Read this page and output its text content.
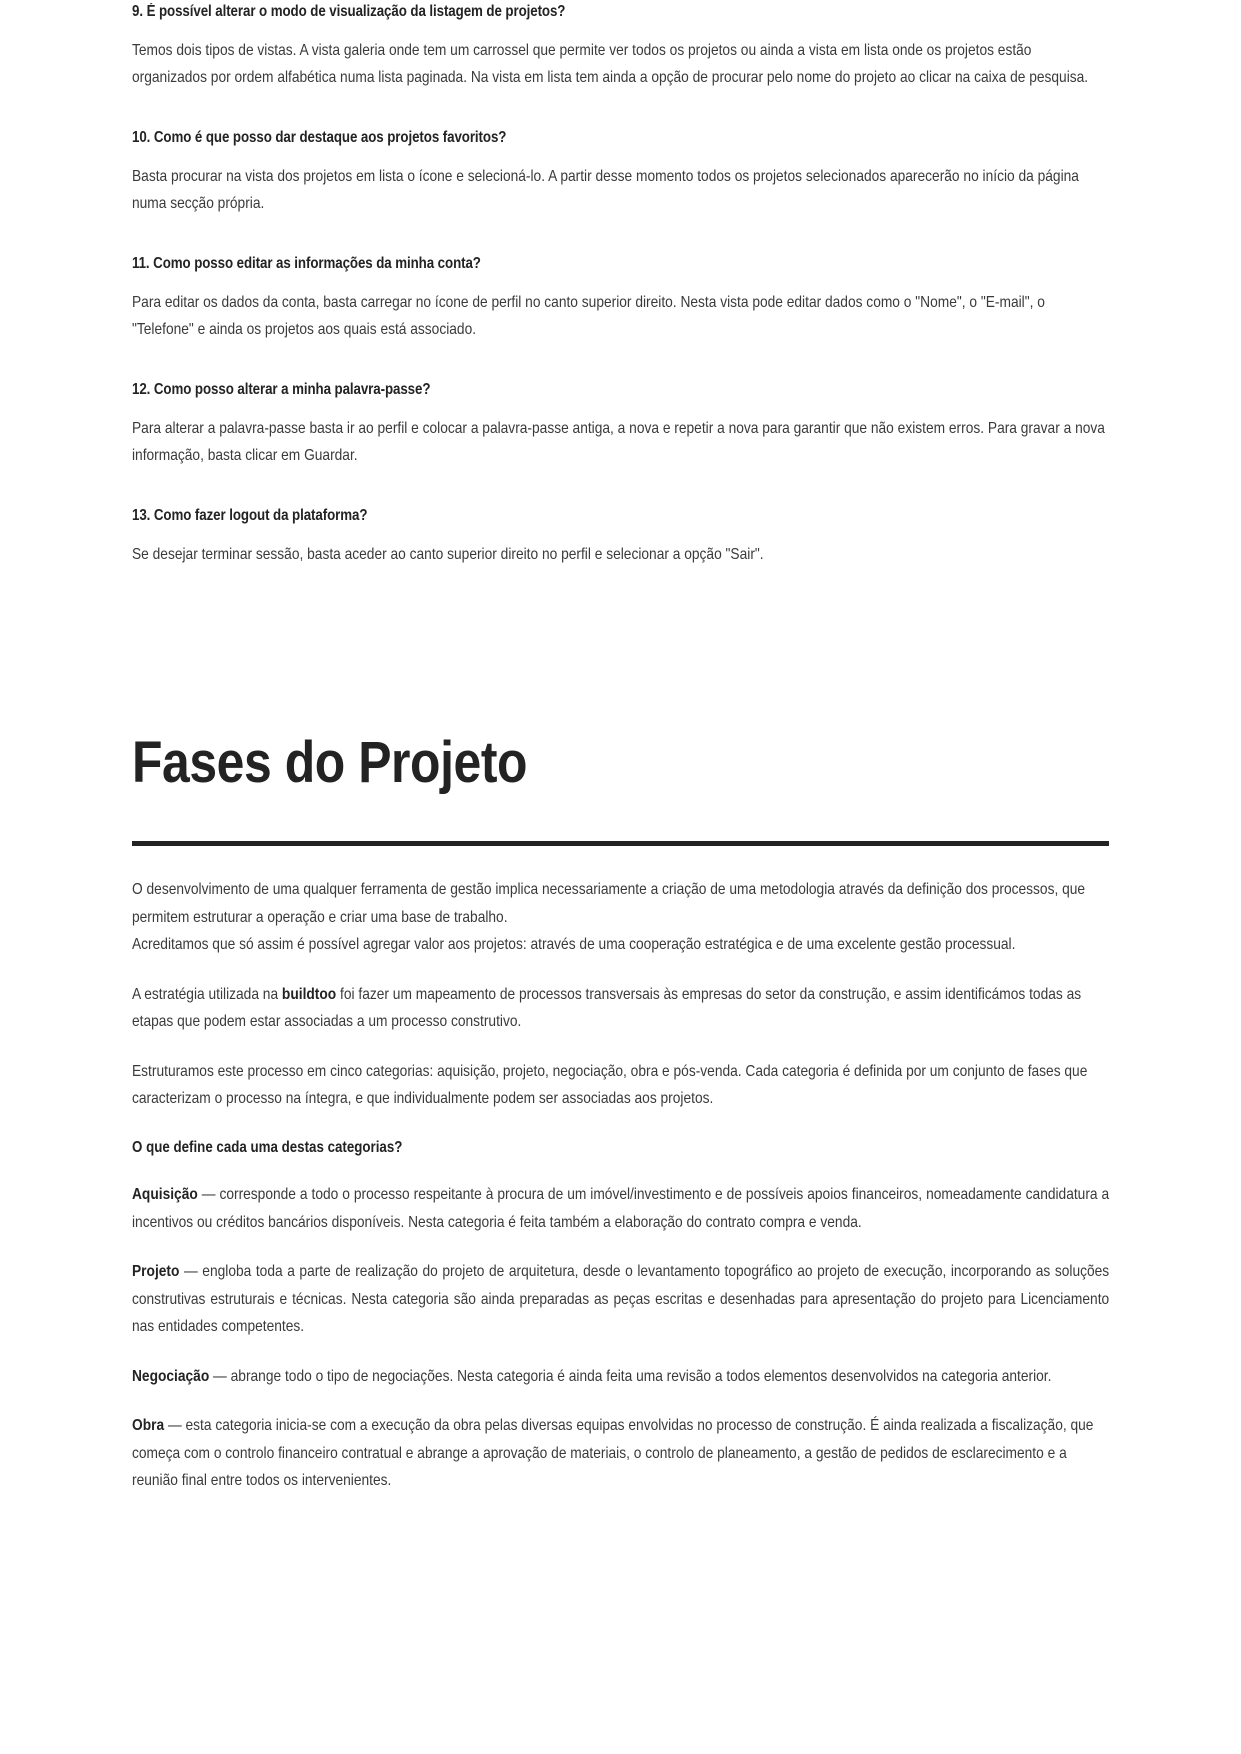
9. É possível alterar o modo de visualização da listagem de projetos?
Temos dois tipos de vistas. A vista galeria onde tem um carrossel que permite ver todos os projetos ou ainda a vista em lista onde os projetos estão organizados por ordem alfabética numa lista paginada. Na vista em lista tem ainda a opção de procurar pelo nome do projeto ao clicar na caixa de pesquisa.
10. Como é que posso dar destaque aos projetos favoritos?
Basta procurar na vista dos projetos em lista o ícone e selecioná-lo. A partir desse momento todos os projetos selecionados aparecerão no início da página numa secção própria.
11. Como posso editar as informações da minha conta?
Para editar os dados da conta, basta carregar no ícone de perfil no canto superior direito. Nesta vista pode editar dados como o "Nome", o "E-mail", o "Telefone" e ainda os projetos aos quais está associado.
12. Como posso alterar a minha palavra-passe?
Para alterar a palavra-passe basta ir ao perfil e colocar a palavra-passe antiga, a nova e repetir a nova para garantir que não existem erros. Para gravar a nova informação, basta clicar em Guardar.
13. Como fazer logout da plataforma?
Se desejar terminar sessão, basta aceder ao canto superior direito no perfil e selecionar a opção "Sair".
Fases do Projeto
O desenvolvimento de uma qualquer ferramenta de gestão implica necessariamente a criação de uma metodologia através da definição dos processos, que permitem estruturar a operação e criar uma base de trabalho.
Acreditamos que só assim é possível agregar valor aos projetos: através de uma cooperação estratégica e de uma excelente gestão processual.
A estratégia utilizada na buildtoo foi fazer um mapeamento de processos transversais às empresas do setor da construção, e assim identificámos todas as etapas que podem estar associadas a um processo construtivo.
Estruturamos este processo em cinco categorias: aquisição, projeto, negociação, obra e pós-venda. Cada categoria é definida por um conjunto de fases que caracterizam o processo na íntegra, e que individualmente podem ser associadas aos projetos.
O que define cada uma destas categorias?
Aquisição — corresponde a todo o processo respeitante à procura de um imóvel/investimento e de possíveis apoios financeiros, nomeadamente candidatura a incentivos ou créditos bancários disponíveis. Nesta categoria é feita também a elaboração do contrato compra e venda.
Projeto — engloba toda a parte de realização do projeto de arquitetura, desde o levantamento topográfico ao projeto de execução, incorporando as soluções construtivas estruturais e técnicas. Nesta categoria são ainda preparadas as peças escritas e desenhadas para apresentação do projeto para Licenciamento nas entidades competentes.
Negociação — abrange todo o tipo de negociações. Nesta categoria é ainda feita uma revisão a todos elementos desenvolvidos na categoria anterior.
Obra — esta categoria inicia-se com a execução da obra pelas diversas equipas envolvidas no processo de construção. É ainda realizada a fiscalização, que começa com o controlo financeiro contratual e abrange a aprovação de materiais, o controlo de planeamento, a gestão de pedidos de esclarecimento e a reunião final entre todos os intervenientes.
